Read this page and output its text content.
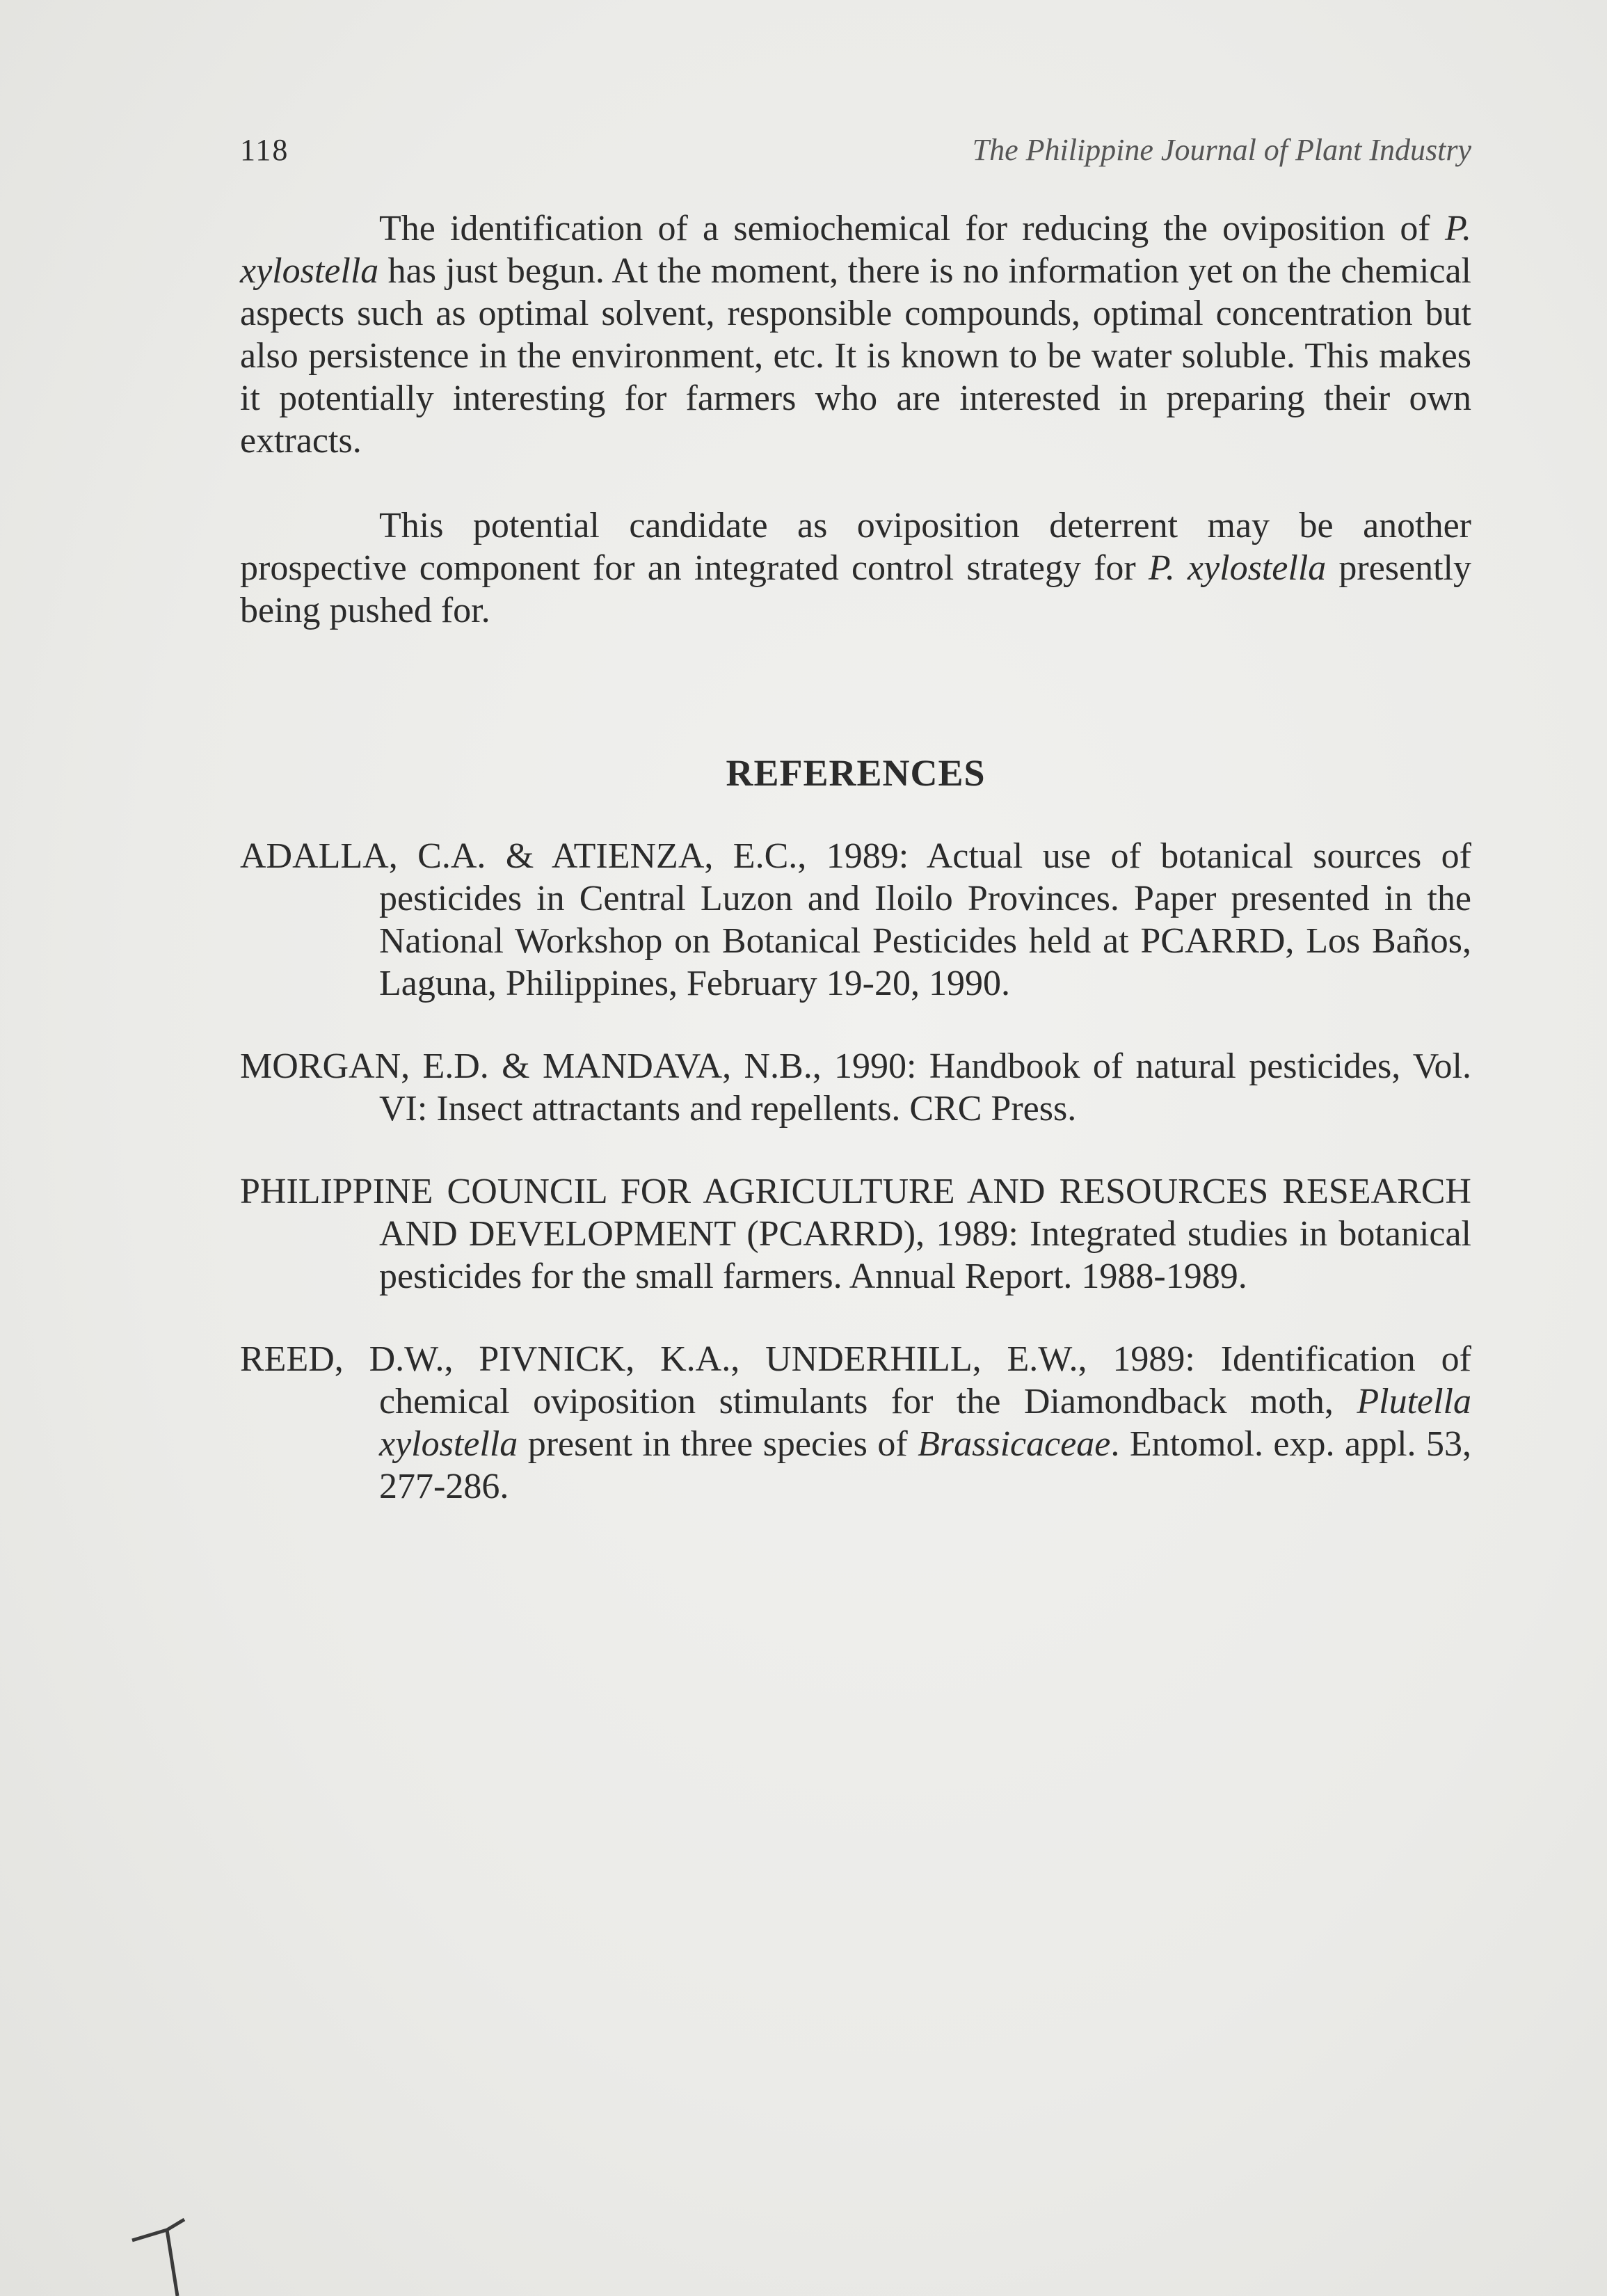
118	The Philippine Journal of Plant Industry

The identification of a semiochemical for reducing the oviposition of P. xylostella has just begun. At the moment, there is no information yet on the chemical aspects such as optimal solvent, responsible compounds, optimal concentration but also persistence in the environment, etc. It is known to be water soluble. This makes it potentially interesting for farmers who are interested in preparing their own extracts.

This potential candidate as oviposition deterrent may be another prospective component for an integrated control strategy for P. xylostella presently being pushed for.

REFERENCES

ADALLA, C.A. & ATIENZA, E.C., 1989: Actual use of botanical sources of pesticides in Central Luzon and Iloilo Provinces. Paper presented in the National Workshop on Botanical Pesticides held at PCARRD, Los Baños, Laguna, Philippines, February 19-20, 1990.

MORGAN, E.D. & MANDAVA, N.B., 1990: Handbook of natural pesticides, Vol. VI: Insect attractants and repellents. CRC Press.

PHILIPPINE COUNCIL FOR AGRICULTURE AND RESOURCES RESEARCH AND DEVELOPMENT (PCARRD), 1989: Integrated studies in botanical pesticides for the small farmers. Annual Report. 1988-1989.

REED, D.W., PIVNICK, K.A., UNDERHILL, E.W., 1989: Identification of chemical oviposition stimulants for the Diamondback moth, Plutella xylostella present in three species of Brassicaceae. Entomol. exp. appl. 53, 277-286.
